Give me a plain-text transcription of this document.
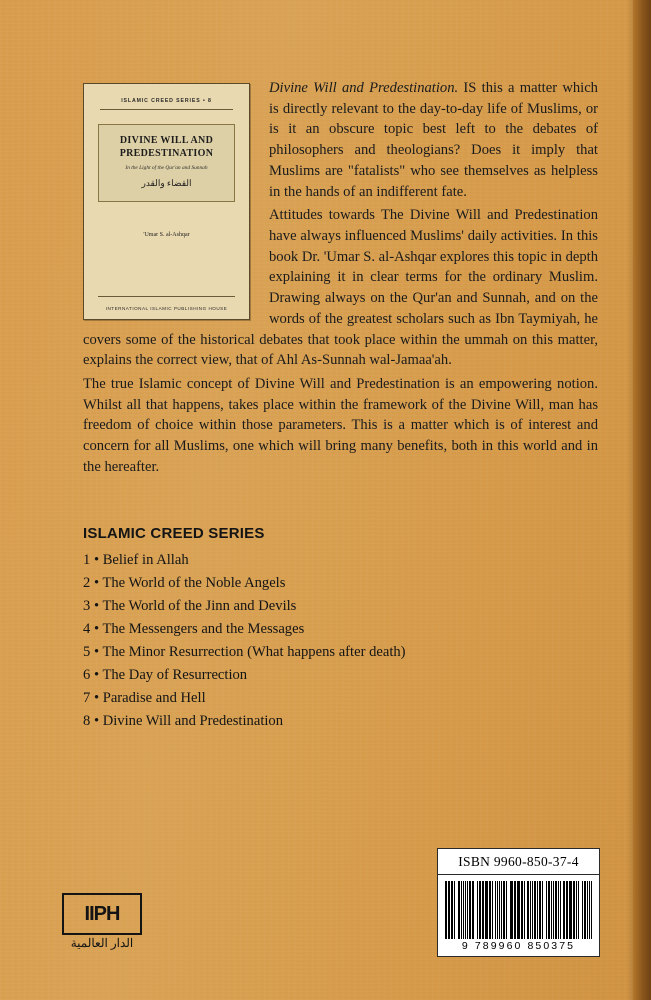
ISLAMIC CREED SERIES • 8
DIVINE WILL AND PREDESTINATION
In the Light of the Qur'an and Sunnah
القضاء والقدر
'Umar S. al-Ashqar
INTERNATIONAL ISLAMIC PUBLISHING HOUSE

Divine Will and Predestination. IS this a matter which is directly relevant to the day-to-day life of Muslims, or is it an obscure topic best left to the debates of philosophers and theologians? Does it imply that Muslims are "fatalists" who see themselves as helpless in the hands of an indifferent fate.

Attitudes towards The Divine Will and Predestination have always influenced Muslims' daily activities. In this book Dr. 'Umar S. al-Ashqar explores this topic in depth explaining it in clear terms for the ordinary Muslim. Drawing always on the Qur'an and Sunnah, and on the words of the greatest scholars such as Ibn Taymiyah, he covers some of the historical debates that took place within the ummah on this matter, explains the correct view, that of Ahl As-Sunnah wal-Jamaa'ah.

The true Islamic concept of Divine Will and Predestination is an empowering notion. Whilst all that happens, takes place within the framework of the Divine Will, man has freedom of choice within those parameters. This is a matter which is of interest and concern for all Muslims, one which will bring many benefits, both in this world and in the hereafter.

ISLAMIC CREED SERIES
1 • Belief in Allah
2 • The World of the Noble Angels
3 • The World of the Jinn and Devils
4 • The Messengers and the Messages
5 • The Minor Resurrection (What happens after death)
6 • The Day of Resurrection
7 • Paradise and Hell
8 • Divine Will and Predestination
ISBN 9960-850-37-4
9 789960 850375
IIPH
الدار العالمية
